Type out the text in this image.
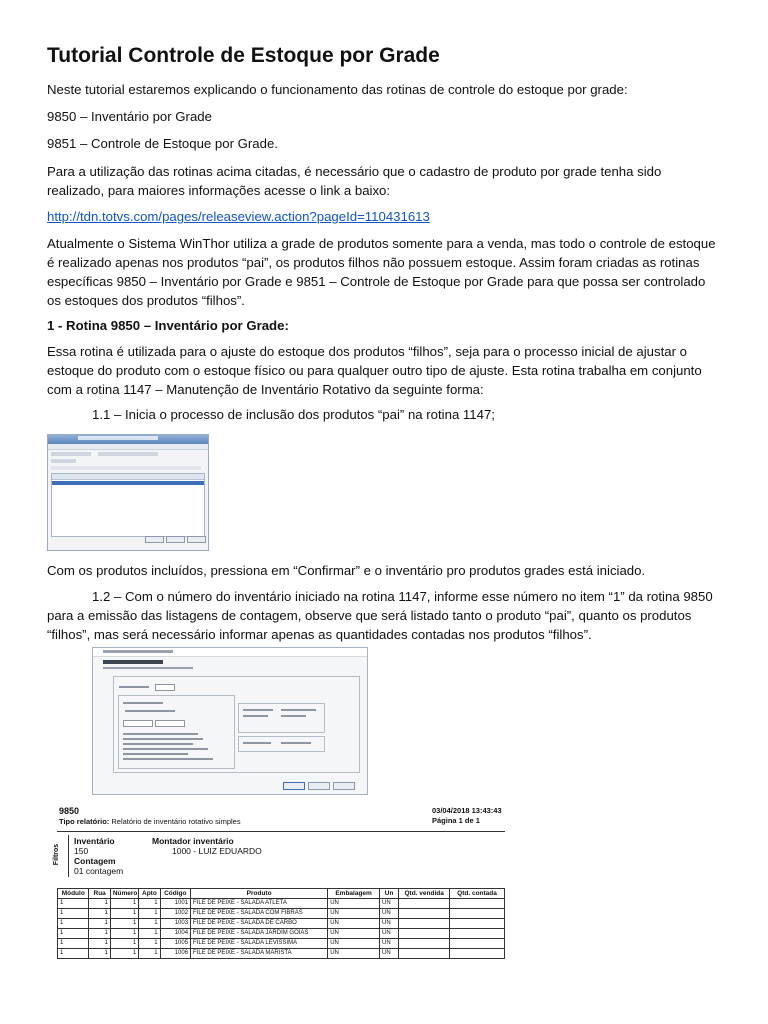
Tutorial Controle de Estoque por Grade

Neste tutorial estaremos explicando o funcionamento das rotinas de controle do estoque por grade:

9850 – Inventário por Grade

9851 – Controle de Estoque por Grade.

Para a utilização das rotinas acima citadas, é necessário que o cadastro de produto por grade tenha sido realizado, para maiores informações acesse o link a baixo:

http://tdn.totvs.com/pages/releaseview.action?pageId=110431613

Atualmente o Sistema WinThor utiliza a grade de produtos somente para a venda, mas todo o controle de estoque é realizado apenas nos produtos “pai”, os produtos filhos não possuem estoque. Assim foram criadas as rotinas específicas 9850 – Inventário por Grade e 9851 – Controle de Estoque por Grade para que possa ser controlado os estoques dos produtos “filhos”.

1 - Rotina 9850 – Inventário por Grade:

Essa rotina é utilizada para o ajuste do estoque dos produtos “filhos”, seja para o processo inicial de ajustar o estoque do produto com o estoque físico ou para qualquer outro tipo de ajuste. Esta rotina trabalha em conjunto com a rotina 1147 – Manutenção de Inventário Rotativo da seguinte forma:

1.1 – Inicia o processo de inclusão dos produtos “pai” na rotina 1147;

Com os produtos incluídos, pressiona em “Confirmar” e o inventário pro produtos grades está iniciado.

1.2 – Com o número do inventário iniciado na rotina 1147, informe esse número no item “1” da rotina 9850 para a emissão das listagens de contagem, observe que será listado tanto o produto “pai”, quanto os produtos “filhos”, mas será necessário informar apenas as quantidades contadas nos produtos “filhos”.

9850
Tipo relatório: Relatório de inventário rotativo simples
03/04/2018 13:43:43
Página 1 de 1
Filtros
Inventário
150
Contagem
01 contagem
Montador inventário
1000 - LUIZ EDUARDO
Módulo	Rua	Número	Apto	Código	Produto	Embalagem	Un	Qtd. vendida	Qtd. contada
1	1	1	1	1001	FILE DE PEIXE - SALADA ATLETA	UN	UN		
1	1	1	1	1002	FILE DE PEIXE - SALADA COM FIBRAS	UN	UN		
1	1	1	1	1003	FILE DE PEIXE - SALADA DE CARBO	UN	UN		
1	1	1	1	1004	FILE DE PEIXE - SALADA JARDIM GOIAS	UN	UN		
1	1	1	1	1005	FILE DE PEIXE - SALADA LEVISSIMA	UN	UN		
1	1	1	1	1006	FILE DE PEIXE - SALADA MARISTA	UN	UN		
